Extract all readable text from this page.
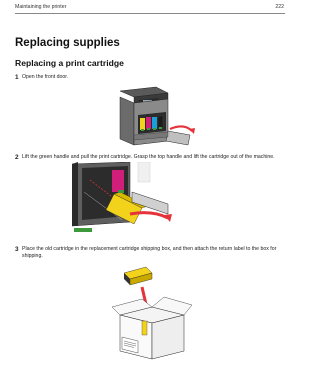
Maintaining the printer	222
Replacing supplies
Replacing a print cartridge
1 Open the front door.
2 Lift the green handle and pull the print cartridge. Grasp the top handle and lift the cartridge out of the machine.
3 Place the old cartridge in the replacement cartridge shipping box, and then attach the return label to the box for shipping.
